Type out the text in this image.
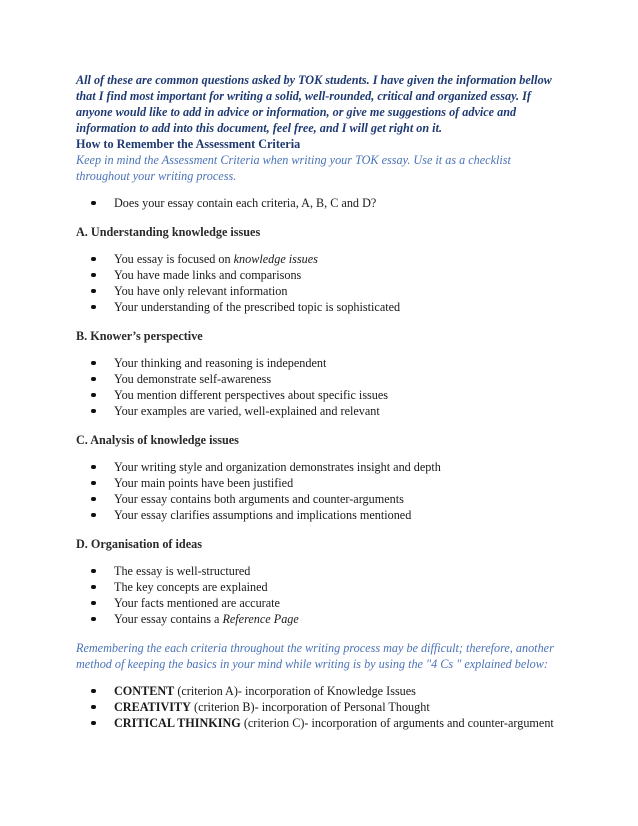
All of these are common questions asked by TOK students. I have given the information bellow that I find most important for writing a solid, well-rounded, critical and organized essay. If anyone would like to add in advice or information, or give me suggestions of advice and information to add into this document, feel free, and I will get right on it.

How to Remember the Assessment Criteria

Keep in mind the Assessment Criteria when writing your TOK essay. Use it as a checklist throughout your writing process.

Does your essay contain each criteria, A, B, C and D?
A. Understanding knowledge issues
You essay is focused on knowledge issues
You have made links and comparisons
You have only relevant information
Your understanding of the prescribed topic is sophisticated
B. Knower’s perspective
Your thinking and reasoning is independent
You demonstrate self-awareness
You mention different perspectives about specific issues
Your examples are varied, well-explained and relevant
C. Analysis of knowledge issues
Your writing style and organization demonstrates insight and depth
Your main points have been justified
Your essay contains both arguments and counter-arguments
Your essay clarifies assumptions and implications mentioned
D. Organisation of ideas
The essay is well-structured
The key concepts are explained
Your facts mentioned are accurate
Your essay contains a Reference Page

Remembering the each criteria throughout the writing process may be difficult; therefore, another method of keeping the basics in your mind while writing is by using the "4 Cs " explained below:

CONTENT (criterion A)- incorporation of Knowledge Issues
CREATIVITY (criterion B)- incorporation of Personal Thought
CRITICAL THINKING (criterion C)- incorporation of arguments and counter-argument
